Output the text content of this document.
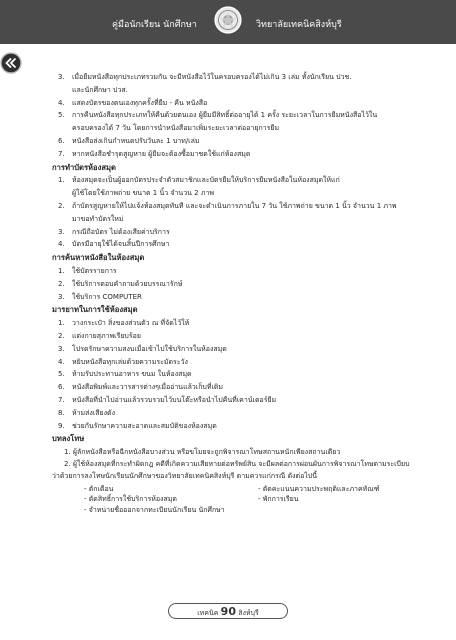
คู่มือนักเรียน นักศึกษา	วิทยาลัยเทคนิคสิงห์บุรี
3. เมื่อยืมหนังสือทุกประเภทรวมกัน จะมีหนังสือไว้ในครอบครองได้ไม่เกิน 3 เล่ม ทั้งนักเรียน ปวช.
และนักศึกษา ปวส.
4. แสดงบัตรของตนเองทุกครั้งที่ยืม - คืน หนังสือ
5. การคืนหนังสือทุกประเภทให้คืนด้วยตนเอง ผู้ยืมมีสิทธิ์ต่ออายุได้ 1 ครั้ง ระยะเวลาในการยืมหนังสือไว้ใน
ครอบครองได้ 7 วัน โดยการนำหนังสือมาเพิ่มระยะเวลาต่ออายุการยืม
6. หนังสือส่งเกินกำหนดปรับวันละ 1 บาท/เล่ม
7. หากหนังสือชำรุดสูญหาย ผู้ยืมจะต้องซื้อมาชดใช้แก่ห้องสมุด
การทำบัตรห้องสมุด
1. ห้องสมุดจะเป็นผู้ออกบัตรประจำตัวสมาชิกและบัตรยืมให้บริการยืมหนังสือในห้องสมุดให้แก่
ผู้ใช้โดยใช้ภาพถ่าย ขนาด 1 นิ้ว จำนวน 2 ภาพ
2. ถ้าบัตรสูญหายให้ไปแจ้งห้องสมุดทันที และจะดำเนินการภายใน 7 วัน ใช้ภาพถ่าย ขนาด 1 นิ้ว จำนวน 1 ภาพ
มาขอทำบัตรใหม่
3. กรณีถือบัตร ไม่ต้องเสียค่าบริการ
4. บัตรมีอายุใช้ได้จนสิ้นปีการศึกษา
การค้นหาหนังสือในห้องสมุด
1. ใช้บัตรรายการ
2. ใช้บริการตอบคำถามด้วยบรรณารักษ์
3. ใช้บริการ COMPUTER
มารยาทในการใช้ห้องสมุด
1. วางกระเป๋า สิ่งของส่วนตัว ณ ที่จัดไว้ให้
2. แต่งกายสุภาพเรียบร้อย
3. โปรดรักษาความสงบเมื่อเข้าไปใช้บริการในห้องสมุด
4. หยิบหนังสือทุกเล่มด้วยความระมัดระวัง
5. ห้ามรับประทานอาหาร ขนม ในห้องสมุด
6. หนังสือพิมพ์และวารสารต่างๆเมื่ออ่านแล้วเก็บที่เดิม
7. หนังสือที่นำไปอ่านแล้วรวบรวมไว้บนโต๊ะหรือนำไปคืนที่เคาน์เตอร์ยืม
8. ห้ามส่งเสียงดัง
9. ช่วยกันรักษาความสะอาดและสมบัติของห้องสมุด
บทลงโทษ
1. ผู้ลักหนังสือหรือฉีกหนังสือบางส่วน หรือขโมยจะถูกพิจารณาโทษสถานหนักเพียงสถานเดียว
2. ผู้ใช้ห้องสมุดที่กระทำผิดกฎ คดีที่เกิดความเสียหายต่อทรัพย์สิน จะมีผลต่อการผ่อนผันการพิจารณาโทษตามระเบียบ
ว่าด้วยการลงโทษนักเรียนนักศึกษาของวิทยาลัยเทคนิคสิงห์บุรี ตามควรแก่กรณี ดังต่อไปนี้
- ตักเตือน	- ตัดคะแนนความประพฤติและภาคทัณฑ์
- ตัดสิทธิ์การใช้บริการห้องสมุด	- พักการเรียน
- จำหน่ายชื่อออกจากทะเบียนนักเรียน นักศึกษา
เทคนิค 90 สิงห์บุรี
